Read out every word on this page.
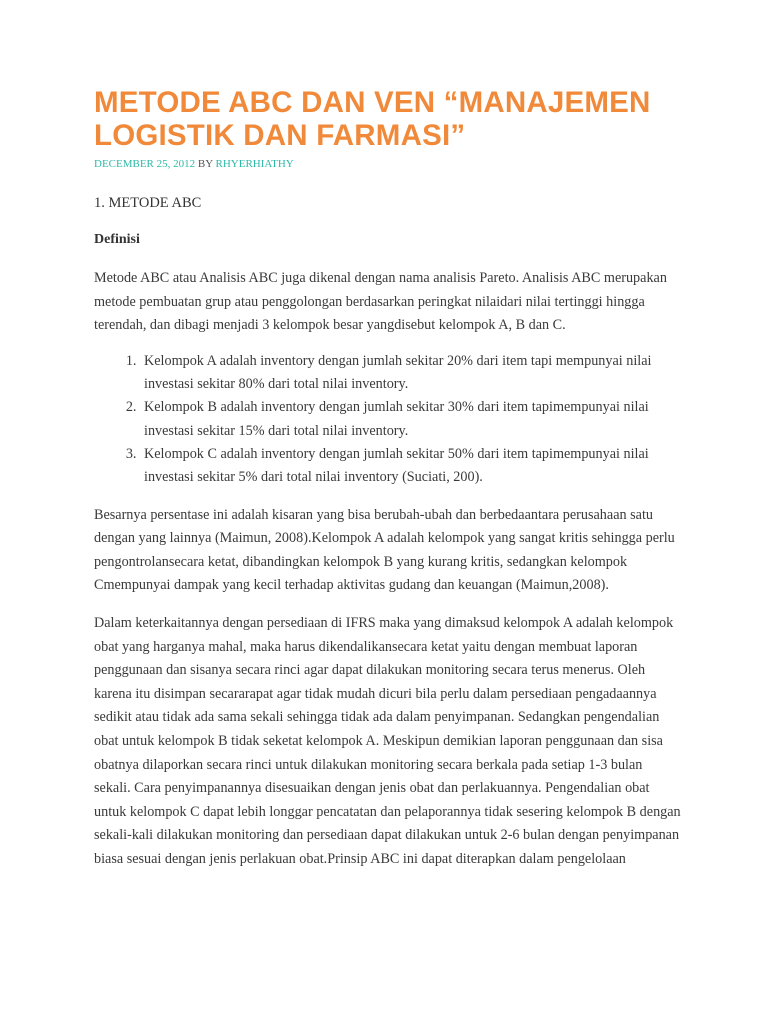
METODE ABC DAN VEN “MANAJEMEN LOGISTIK DAN FARMASI”
DECEMBER 25, 2012 BY RHYERHIATHY
1. METODE ABC
Definisi

Metode ABC atau Analisis ABC juga dikenal dengan nama analisis Pareto. Analisis ABC merupakan metode pembuatan grup atau penggolongan berdasarkan peringkat nilaidari nilai tertinggi hingga terendah, dan dibagi menjadi 3 kelompok besar yangdisebut kelompok A, B dan C.

1. Kelompok A adalah inventory dengan jumlah sekitar 20% dari item tapi mempunyai nilai investasi sekitar 80% dari total nilai inventory.
2. Kelompok B adalah inventory dengan jumlah sekitar 30% dari item tapimempunyai nilai investasi sekitar 15% dari total nilai inventory.
3. Kelompok C adalah inventory dengan jumlah sekitar 50% dari item tapimempunyai nilai investasi sekitar 5% dari total nilai inventory (Suciati, 200).

Besarnya persentase ini adalah kisaran yang bisa berubah-ubah dan berbedaantara perusahaan satu dengan yang lainnya (Maimun, 2008).Kelompok A adalah kelompok yang sangat kritis sehingga perlu pengontrolansecara ketat, dibandingkan kelompok B yang kurang kritis, sedangkan kelompok Cmempunyai dampak yang kecil terhadap aktivitas gudang dan keuangan (Maimun,2008).

Dalam keterkaitannya dengan persediaan di IFRS maka yang dimaksud kelompok A adalah kelompok obat yang harganya mahal, maka harus dikendalikansecara ketat yaitu dengan membuat laporan penggunaan dan sisanya secara rinci agar dapat dilakukan monitoring secara terus menerus. Oleh karena itu disimpan secararapat agar tidak mudah dicuri bila perlu dalam persediaan pengadaannya sedikit atau tidak ada sama sekali sehingga tidak ada dalam penyimpanan. Sedangkan pengendalian obat untuk kelompok B tidak seketat kelompok A. Meskipun demikian laporan penggunaan dan sisa obatnya dilaporkan secara rinci untuk dilakukan monitoring secara berkala pada setiap 1-3 bulan sekali. Cara penyimpanannya disesuaikan dengan jenis obat dan perlakuannya. Pengendalian obat untuk kelompok C dapat lebih longgar pencatatan dan pelaporannya tidak sesering kelompok B dengan sekali-kali dilakukan monitoring dan persediaan dapat dilakukan untuk 2-6 bulan dengan penyimpanan biasa sesuai dengan jenis perlakuan obat.Prinsip ABC ini dapat diterapkan dalam pengelolaan
